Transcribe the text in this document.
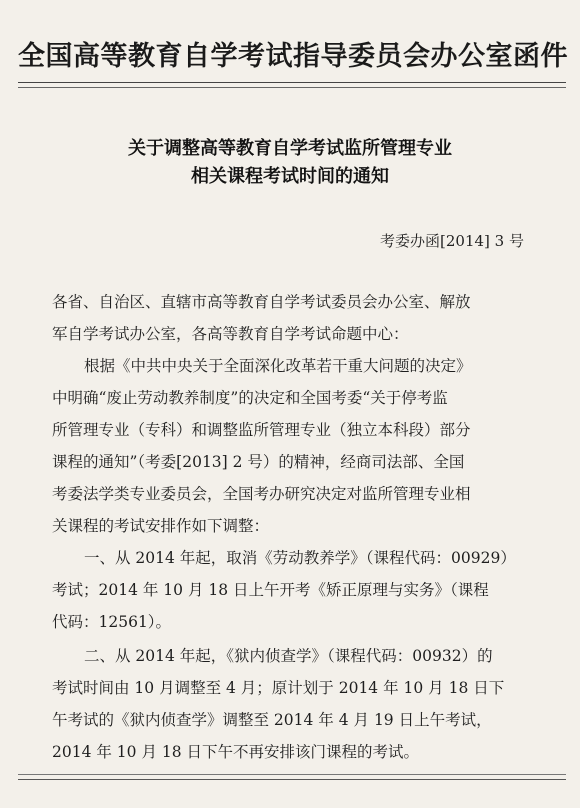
全国高等教育自学考试指导委员会办公室函件
关于调整高等教育自学考试监所管理专业
相关课程考试时间的通知
考委办函[2014] 3 号
各省、自治区、直辖市高等教育自学考试委员会办公室、解放
军自学考试办公室，各高等教育自学考试命题中心：
根据《中共中央关于全面深化改革若干重大问题的决定》
中明确“废止劳动教养制度”的决定和全国考委“关于停考监
所管理专业（专科）和调整监所管理专业（独立本科段）部分
课程的通知”（考委[2013] 2 号）的精神，经商司法部、全国
考委法学类专业委员会，全国考办研究决定对监所管理专业相
关课程的考试安排作如下调整：
一、从 2014 年起，取消《劳动教养学》（课程代码：00929）
考试；2014 年 10 月 18 日上午开考《矫正原理与实务》（课程
代码：12561）。
二、从 2014 年起，《狱内侦查学》（课程代码：00932）的
考试时间由 10 月调整至 4 月；原计划于 2014 年 10 月 18 日下
午考试的《狱内侦查学》调整至 2014 年 4 月 19 日上午考试，
2014 年 10 月 18 日下午不再安排该门课程的考试。
